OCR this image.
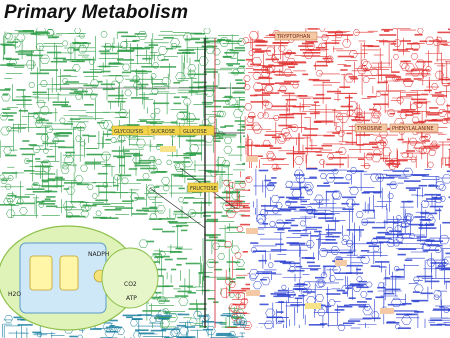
Primary Metabolism
NADPH
CO2
ATP
H2O
GLYCOLYSIS SUCROSE GLUCOSE
FRUCTOSE
TRYPTOPHAN
PHENYLALANINE
TYROSINE
